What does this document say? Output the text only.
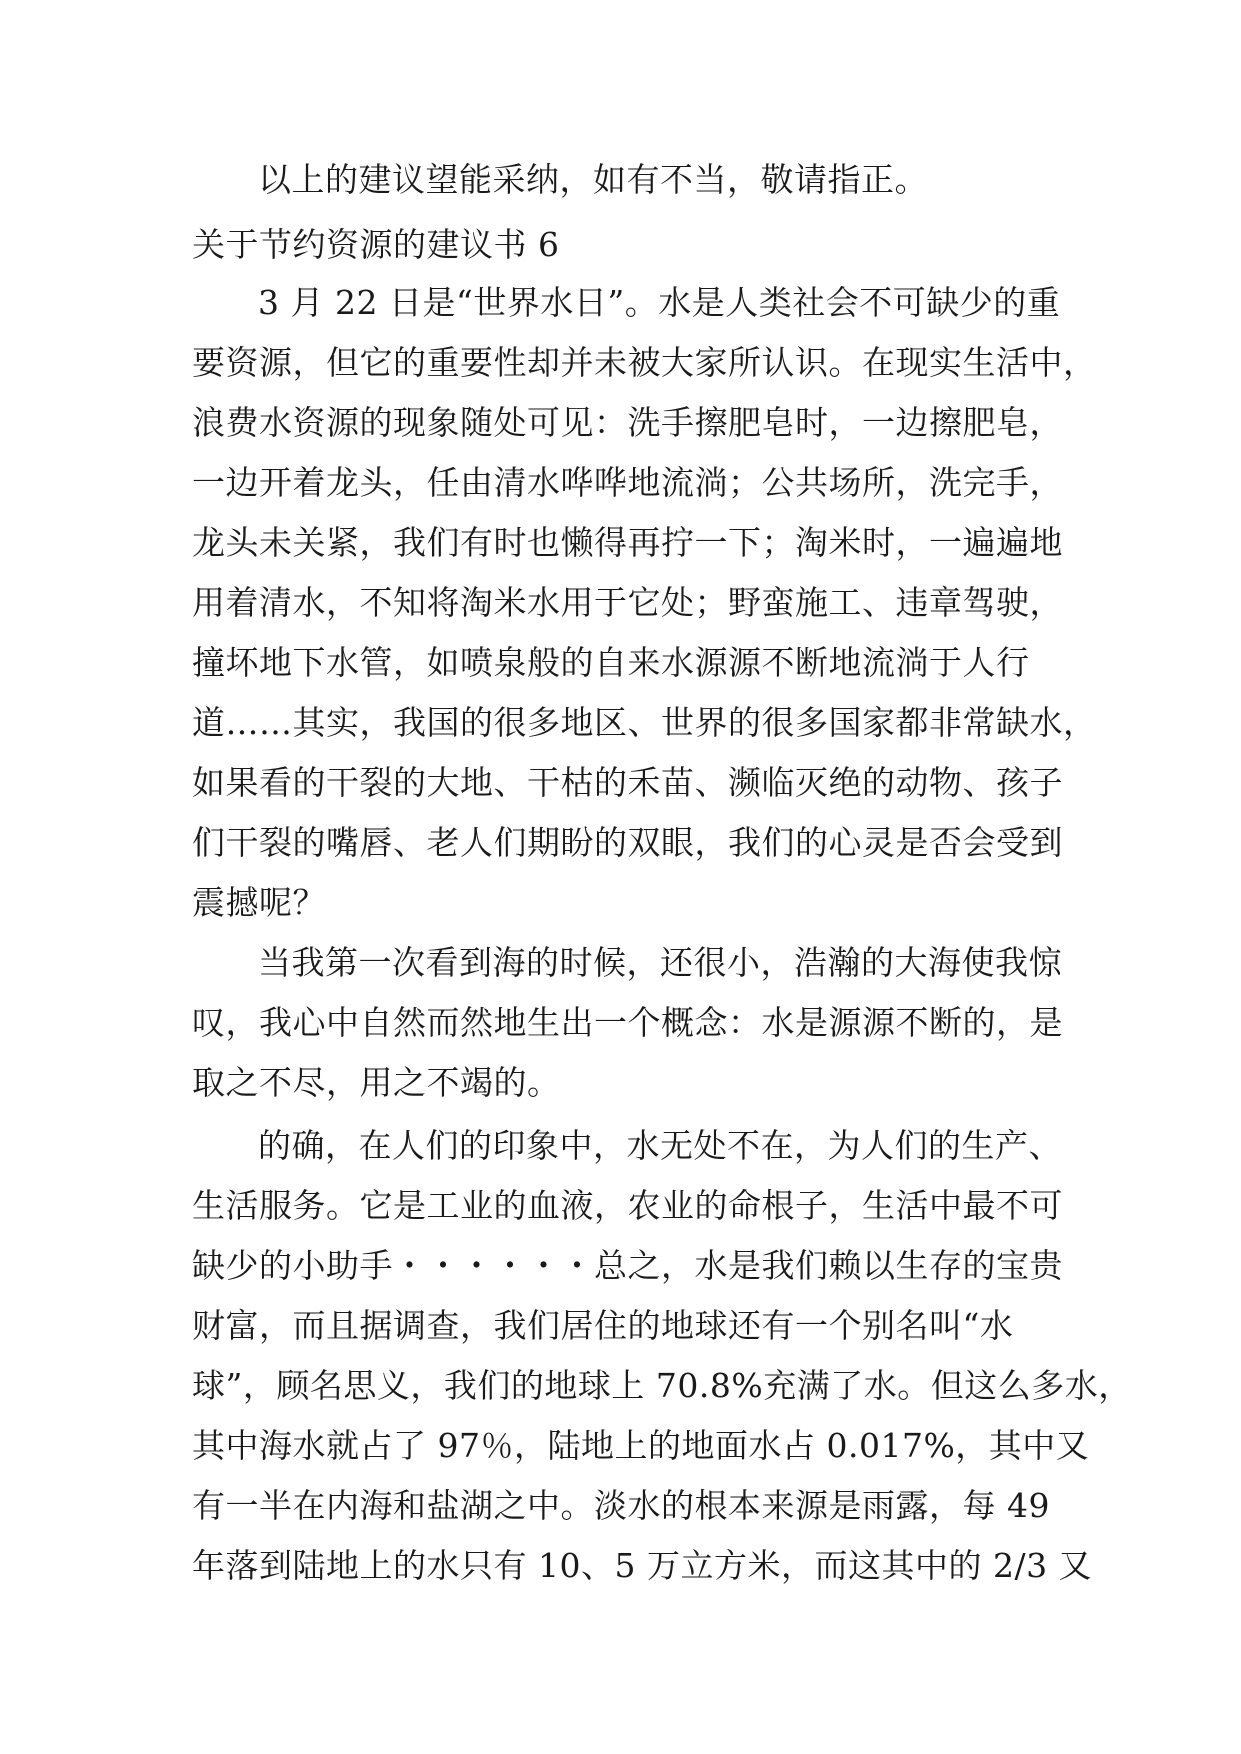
以上的建议望能采纳，如有不当，敬请指正。
关于节约资源的建议书 6
3 月 22 日是“世界水日”。水是人类社会不可缺少的重
要资源，但它的重要性却并未被大家所认识。在现实生活中，
浪费水资源的现象随处可见：洗手擦肥皂时，一边擦肥皂，
一边开着龙头，任由清水哗哗地流淌；公共场所，洗完手，
龙头未关紧，我们有时也懒得再拧一下；淘米时，一遍遍地
用着清水，不知将淘米水用于它处；野蛮施工、违章驾驶，
撞坏地下水管，如喷泉般的自来水源源不断地流淌于人行
道……其实，我国的很多地区、世界的很多国家都非常缺水，
如果看的干裂的大地、干枯的禾苗、濒临灭绝的动物、孩子
们干裂的嘴唇、老人们期盼的双眼，我们的心灵是否会受到
震撼呢？
当我第一次看到海的时候，还很小，浩瀚的大海使我惊
叹，我心中自然而然地生出一个概念：水是源源不断的，是
取之不尽，用之不竭的。
的确，在人们的印象中，水无处不在，为人们的生产、
生活服务。它是工业的血液，农业的命根子，生活中最不可
缺少的小助手・・・・・・总之，水是我们赖以生存的宝贵
财富，而且据调查，我们居住的地球还有一个别名叫“水
球”，顾名思义，我们的地球上 70.8%充满了水。但这么多水，
其中海水就占了 97％，陆地上的地面水占 0.017%，其中又
有一半在内海和盐湖之中。淡水的根本来源是雨露，每 49
年落到陆地上的水只有 10、5 万立方米，而这其中的 2/3 又
